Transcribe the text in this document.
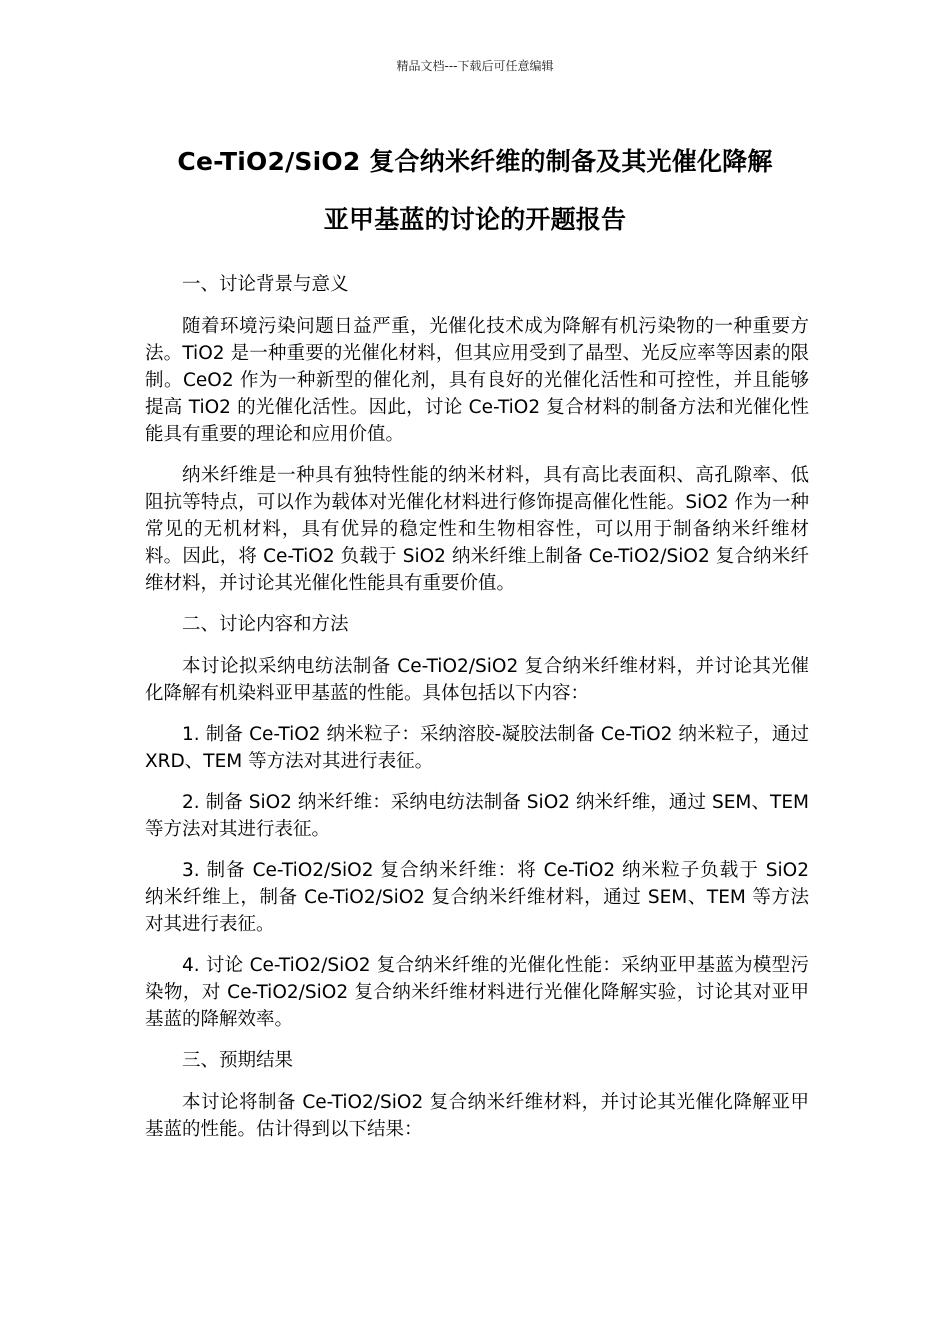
精品文档---下载后可任意编辑
Ce-TiO2/SiO2 复合纳米纤维的制备及其光催化降解
亚甲基蓝的讨论的开题报告

一、讨论背景与意义

随着环境污染问题日益严重，光催化技术成为降解有机污染物的一种重要方法。TiO2 是一种重要的光催化材料，但其应用受到了晶型、光反应率等因素的限制。CeO2 作为一种新型的催化剂，具有良好的光催化活性和可控性，并且能够提高 TiO2 的光催化活性。因此，讨论 Ce-TiO2 复合材料的制备方法和光催化性能具有重要的理论和应用价值。

纳米纤维是一种具有独特性能的纳米材料，具有高比表面积、高孔隙率、低阻抗等特点，可以作为载体对光催化材料进行修饰提高催化性能。SiO2 作为一种常见的无机材料，具有优异的稳定性和生物相容性，可以用于制备纳米纤维材料。因此，将 Ce-TiO2 负载于 SiO2 纳米纤维上制备 Ce-TiO2/SiO2 复合纳米纤维材料，并讨论其光催化性能具有重要价值。

二、讨论内容和方法

本讨论拟采纳电纺法制备 Ce-TiO2/SiO2 复合纳米纤维材料，并讨论其光催化降解有机染料亚甲基蓝的性能。具体包括以下内容：

1. 制备 Ce-TiO2 纳米粒子：采纳溶胶-凝胶法制备 Ce-TiO2 纳米粒子，通过 XRD、TEM 等方法对其进行表征。

2. 制备 SiO2 纳米纤维：采纳电纺法制备 SiO2 纳米纤维，通过 SEM、TEM 等方法对其进行表征。

3. 制备 Ce-TiO2/SiO2 复合纳米纤维：将 Ce-TiO2 纳米粒子负载于 SiO2 纳米纤维上，制备 Ce-TiO2/SiO2 复合纳米纤维材料，通过 SEM、TEM 等方法对其进行表征。

4. 讨论 Ce-TiO2/SiO2 复合纳米纤维的光催化性能：采纳亚甲基蓝为模型污染物，对 Ce-TiO2/SiO2 复合纳米纤维材料进行光催化降解实验，讨论其对亚甲基蓝的降解效率。

三、预期结果

本讨论将制备 Ce-TiO2/SiO2 复合纳米纤维材料，并讨论其光催化降解亚甲基蓝的性能。估计得到以下结果：
